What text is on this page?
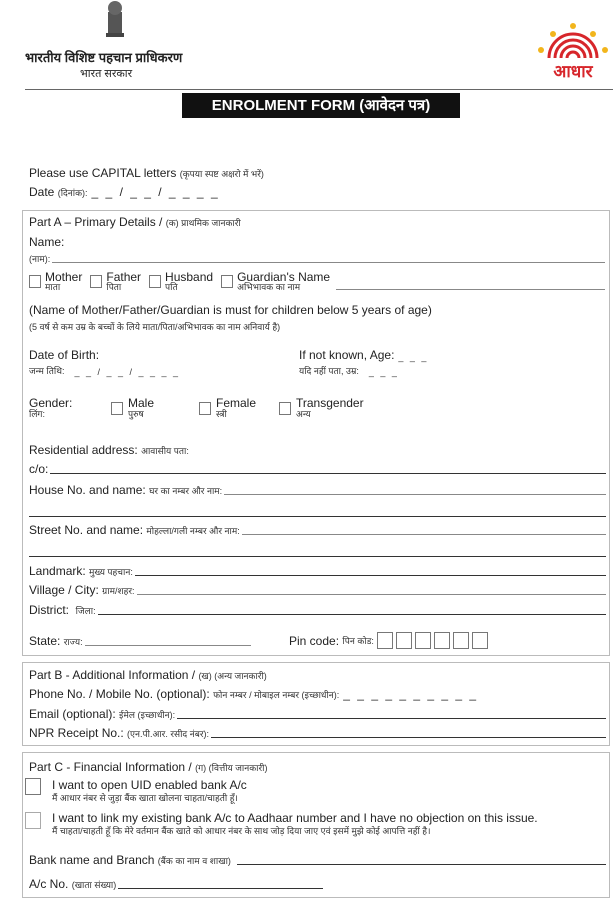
भारतीय विशिष्ट पहचान प्राधिकरण
भारत सरकार	आधार
ENROLMENT FORM (आवेदन पत्र)
Please use CAPITAL letters
(कृपया स्पष्ट अक्षरो में भरें)
Date
(दिनांक): _ _ / _ _ / _ _ _ _
Part A – Primary Details /
(क) प्राथमिक जानकारी
Name:
(नाम):
Mother
माता
Father
पिता
Husband
पति
Guardian's Name
अभिभावक का नाम
(Name of Mother/Father/Guardian is must for children below 5 years of age)
(5 वर्ष से कम उम्र के बच्चों के लिये माता/पिता/अभिभावक का नाम अनिवार्य है)
Date of Birth:
जन्म तिथि: _ _ / _ _ / _ _ _ _
If not known, Age: _ _ _
यदि नहीं पता, उम्र: _ _ _
Gender:
लिंग:
Male
पुरुष
Female
स्त्री
Transgender
अन्य
Residential address:
आवासीय पता:
c/o:
House No. and name:
घर का नम्बर और नाम:
Street No. and name:
मोहल्ला/गली नम्बर और नाम:
Landmark:
मुख्य पहचान:
Village / City:
ग्राम/शहर:
District:
जिला:
State:
राज्य:	Pin code:
पिन कोड:
Part B - Additional Information /
(ख) (अन्य जानकारी)
Phone No. / Mobile No. (optional):
फोन नम्बर / मोबाइल नम्बर (इच्छाधीन): _ _ _ _ _ _ _ _ _ _
Email (optional):
ईमेल (इच्छाधीन):
NPR Receipt No.:
(एन.पी.आर. रसीद नंबर):
Part C - Financial Information /
(ग) (वित्तीय जानकारी)
I want to open UID enabled bank A/c
मैं आधार नंबर से जुड़ा बैंक खाता खोलना चाहता/चाहती हूँ।
I want to link my existing bank A/c to Aadhaar number and I have no objection on this issue.
मैं चाहता/चाहती हूँ कि मेरे वर्तमान बैंक खाते को आधार नंबर के साथ जोड़ दिया जाए एवं इसमें मुझे कोई आपत्ति नहीं है।
Bank name and Branch
(बैंक का नाम व शाखा)
A/c No.
(खाता संख्या)
